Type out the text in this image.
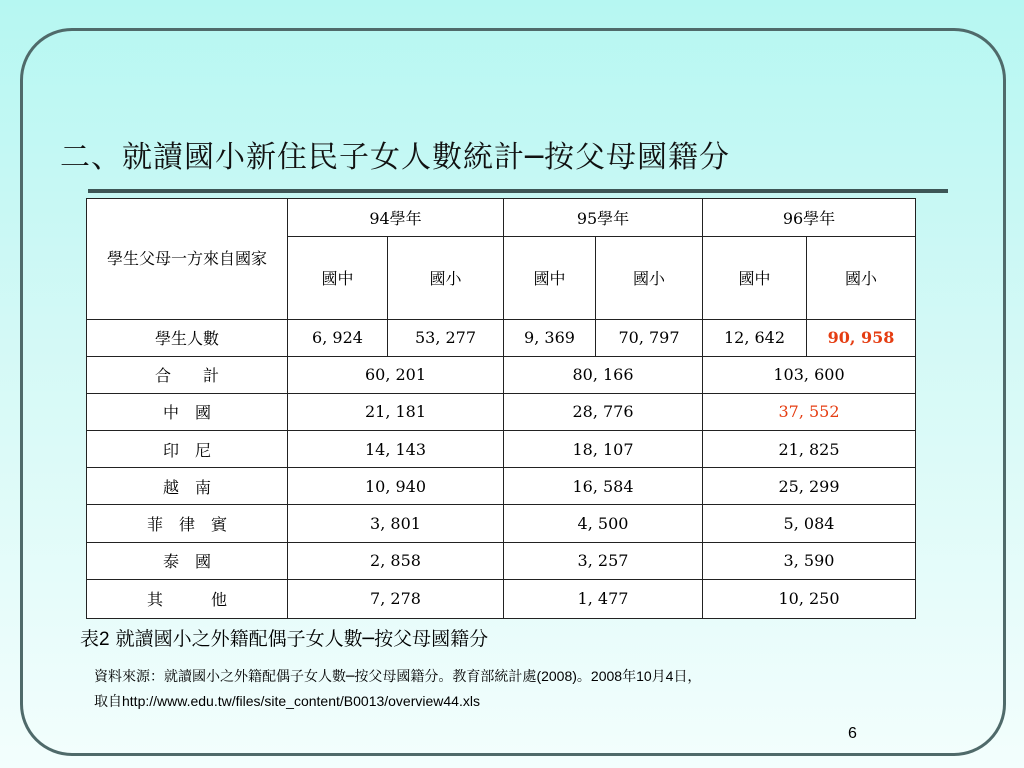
二、就讀國小新住民子女人數統計─按父母國籍分
學生父母一方來自國家	94學年		95學年		96學年	
	國中	國小	國中	國小	國中	國小
學生人數	6, 924	53, 277	9, 369	70, 797	12, 642	90, 958
合　　計	60, 201		80, 166		103, 600	
中　國	21, 181		28, 776		37, 552	
印　尼	14, 143		18, 107		21, 825	
越　南	10, 940		16, 584		25, 299	
菲　律　賓	3, 801		4, 500		5, 084	
泰　國	2, 858		3, 257		3, 590	
其　　　他	7, 278		1, 477		10, 250	
表2 就讀國小之外籍配偶子女人數─按父母國籍分
資料來源：就讀國小之外籍配偶子女人數─按父母國籍分。教育部統計處(2008)。2008年10月4日，
取自http://www.edu.tw/files/site_content/B0013/overview44.xls
6
